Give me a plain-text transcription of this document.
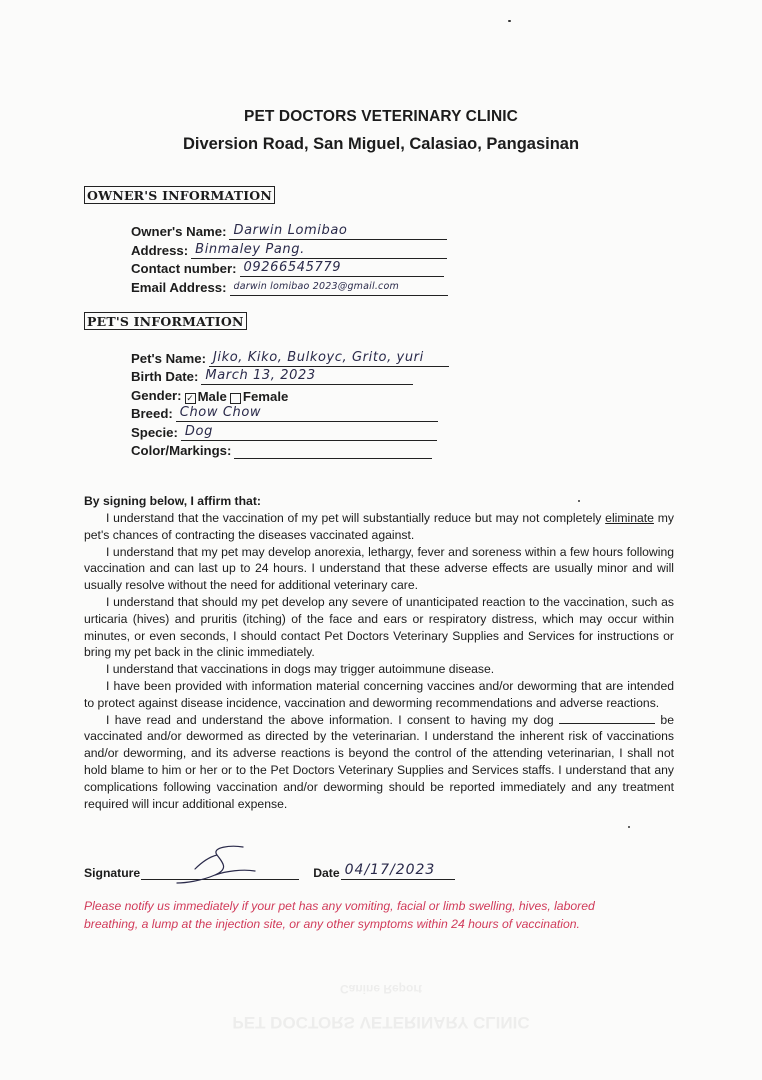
PET DOCTORS VETERINARY CLINIC
Diversion Road, San Miguel, Calasiao, Pangasinan
OWNER'S INFORMATION
Owner's Name: Darwin Lomibao
Address: Binmaley Pang.
Contact number: 09266545779
Email Address: darwin lomibao 2023@gmail.com
PET'S INFORMATION
Pet's Name: Jiko, Kiko, Bulkoyc, Grito, yuri
Birth Date: March 13, 2023
Gender: ✓ Male Female
Breed: Chow Chow
Specie: Dog
Color/Markings:
By signing below, I affirm that:

I understand that the vaccination of my pet will substantially reduce but may not completely eliminate my pet's chances of contracting the diseases vaccinated against.

I understand that my pet may develop anorexia, lethargy, fever and soreness within a few hours following vaccination and can last up to 24 hours. I understand that these adverse effects are usually minor and will usually resolve without the need for additional veterinary care.

I understand that should my pet develop any severe of unanticipated reaction to the vaccination, such as urticaria (hives) and pruritis (itching) of the face and ears or respiratory distress, which may occur within minutes, or even seconds, I should contact Pet Doctors Veterinary Supplies and Services for instructions or bring my pet back in the clinic immediately.

I understand that vaccinations in dogs may trigger autoimmune disease.

I have been provided with information material concerning vaccines and/or deworming that are intended to protect against disease incidence, vaccination and deworming recommendations and adverse reactions.

I have read and understand the above information. I consent to having my dog	be vaccinated and/or dewormed as directed by the veterinarian. I understand the inherent risk of vaccinations and/or deworming, and its adverse reactions is beyond the control of the attending veterinarian, I shall not hold blame to him or her or to the Pet Doctors Veterinary Supplies and Services staffs. I understand that any complications following vaccination and/or deworming should be reported immediately and any treatment required will incur additional expense.

Signature	Date 04/17/2023
Please notify us immediately if your pet has any vomiting, facial or limb swelling, hives, labored breathing, a lump at the injection site, or any other symptoms within 24 hours of vaccination.
PET DOCTORS VETERINARY CLINIC
Canine Report
